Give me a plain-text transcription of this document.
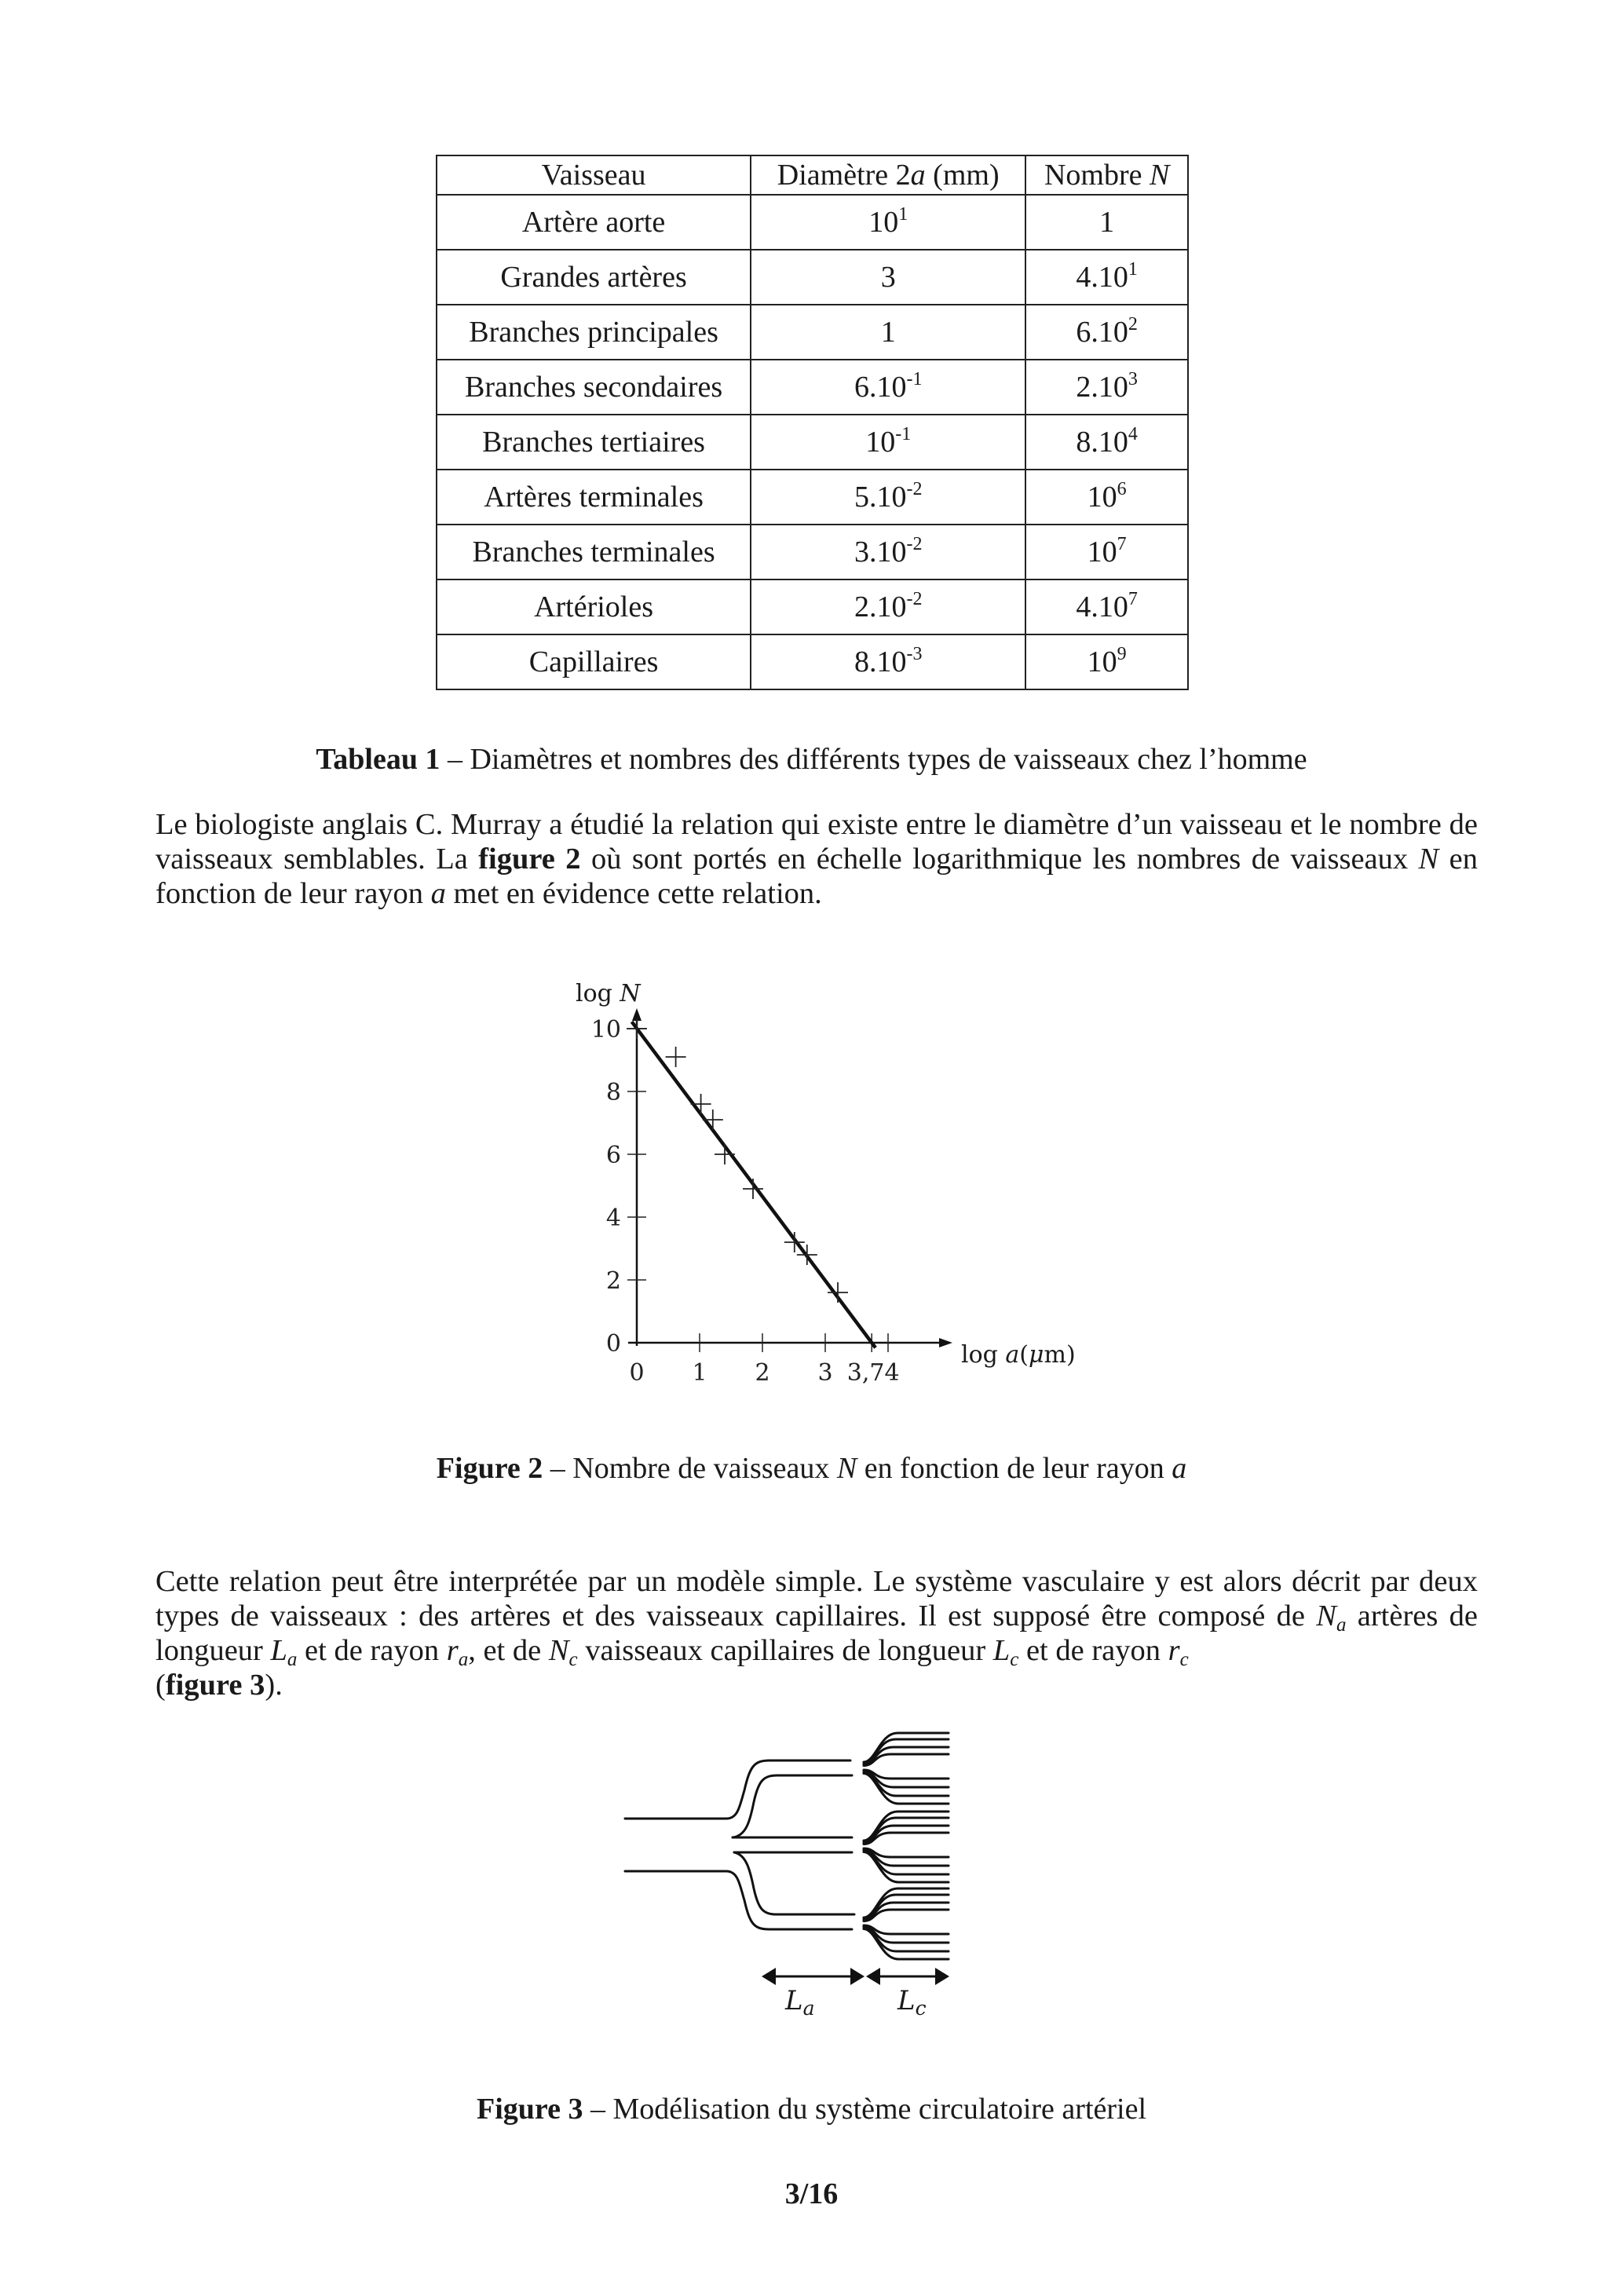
Vaisseau	Diamètre 2a (mm)	Nombre N
Artère aorte	$10^1$	1
Grandes artères	3	4.10$^1$
Branches principales	1	6.10$^2$
Branches secondaires	$6.10^{-1}$	2.10$^3$
Branches tertiaires	$10^{-1}$	8.10$^4$
Artères terminales	$5.10^{-2}$	$10^6$
Branches terminales	$3.10^{-2}$	$10^7$
Artérioles	$2.10^{-2}$	4.10$^7$
Capillaires	$8.10^{-3}$	$10^9$
Tableau 1 – Diamètres et nombres des différents types de vaisseaux chez l’homme
Le biologiste anglais C. Murray a étudié la relation qui existe entre le diamètre d’un vaisseau et le nombre de vaisseaux semblables. La figure 2 où sont portés en échelle logarithmique les nombres de vaisseaux N en fonction de leur rayon a met en évidence cette relation.
0
2
4
6
8
10
0 1 2 3 3,74
log N
log a(μm)
Figure 2 – Nombre de vaisseaux N en fonction de leur rayon a
Cette relation peut être interprétée par un modèle simple. Le système vasculaire y est alors décrit par deux types de vaisseaux : des artères et des vaisseaux capillaires. Il est supposé être composé de $N_a$ artères de longueur $L_a$ et de rayon $r_a$, et de $N_c$ vaisseaux capillaires de longueur $L_c$ et de rayon $r_c$
(figure 3).
$L_a$	$L_c$
Figure 3 – Modélisation du système circulatoire artériel
3/16
